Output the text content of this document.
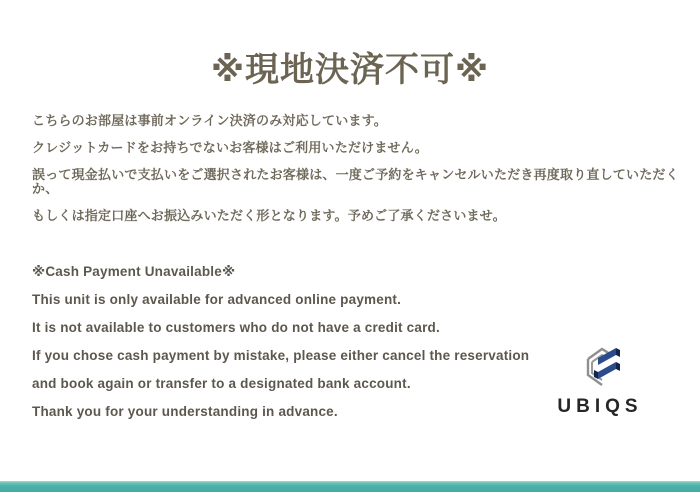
※現地決済不可※

こちらのお部屋は事前オンライン決済のみ対応しています。

クレジットカードをお持ちでないお客様はご利用いただけません。

誤って現金払いで支払いをご選択されたお客様は、一度ご予約をキャンセルいただき再度取り直していただくか、

もしくは指定口座へお振込みいただく形となります。予めご了承くださいませ。

※Cash Payment Unavailable※

This unit is only available for advanced online payment.

It is not available to customers who do not have a credit card.

If you chose cash payment by mistake, please either cancel the reservation

and book again or transfer to a designated bank account.

Thank you for your understanding in advance.	UBIQS
